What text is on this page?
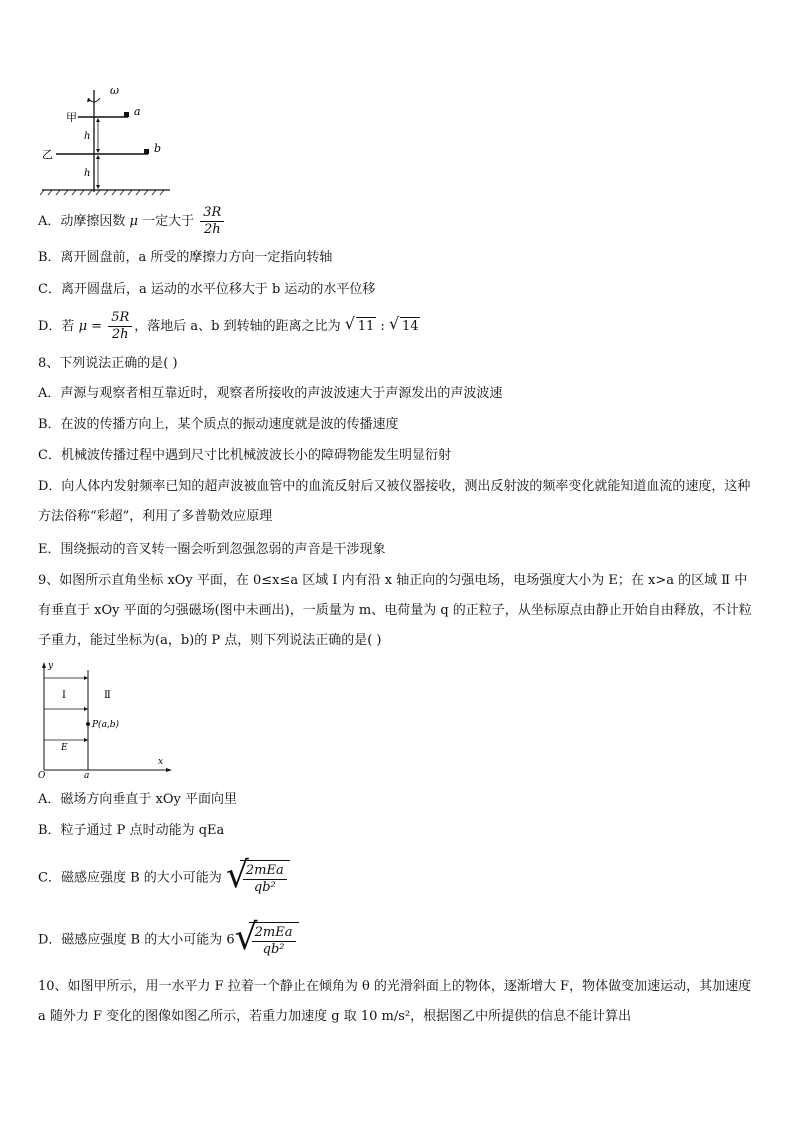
ω
a
甲
b
乙
h
h
A．动摩擦因数 μ 一定大于 $\frac{3R}{2h}$
B．离开圆盘前，a 所受的摩擦力方向一定指向转轴
C．离开圆盘后，a 运动的水平位移大于 b 运动的水平位移
D．若 $\mu = \frac{5R}{2h}$ ，落地后 a、b 到转轴的距离之比为 √ 11 : √ 14
8、下列说法正确的是( )
A．声源与观察者相互靠近时，观察者所接收的声波波速大于声源发出的声波波速
B．在波的传播方向上，某个质点的振动速度就是波的传播速度
C．机械波传播过程中遇到尺寸比机械波波长小的障碍物能发生明显衍射
D．向人体内发射频率已知的超声波被血管中的血流反射后又被仪器接收，测出反射波的频率变化就能知道血流的速度，这种方法俗称“彩超”，利用了多普勒效应原理
E．围绕振动的音叉转一圈会听到忽强忽弱的声音是干涉现象
9、如图所示直角坐标 xOy 平面，在 0≤x≤a 区域 Ⅰ 内有沿 x 轴正向的匀强电场，电场强度大小为 E；在 x>a 的区域 Ⅱ 中有垂直于 xOy 平面的匀强磁场(图中未画出)，一质量为 m、电荷量为 q 的正粒子，从坐标原点由静止开始自由释放，不计粒子重力，能过坐标为(a，b)的 P 点，则下列说法正确的是( )
y
x
O	a
Ⅰ	Ⅱ
P(a,b)
E
A．磁场方向垂直于 xOy 平面向里
B．粒子通过 P 点时动能为 qEa
C．磁感应强度 B 的大小可能为 √
$\frac{\text{2mEa}}{\text{qb²}}$
D．磁感应强度 B 的大小可能为 6 √
$\frac{\text{2mEa}}{\text{qb²}}$
10、如图甲所示，用一水平力 F 拉着一个静止在倾角为 θ 的光滑斜面上的物体，逐渐增大 F，物体做变加速运动，其加速度 a 随外力 F 变化的图像如图乙所示，若重力加速度 g 取 10 m/s²，根据图乙中所提供的信息不能计算出
